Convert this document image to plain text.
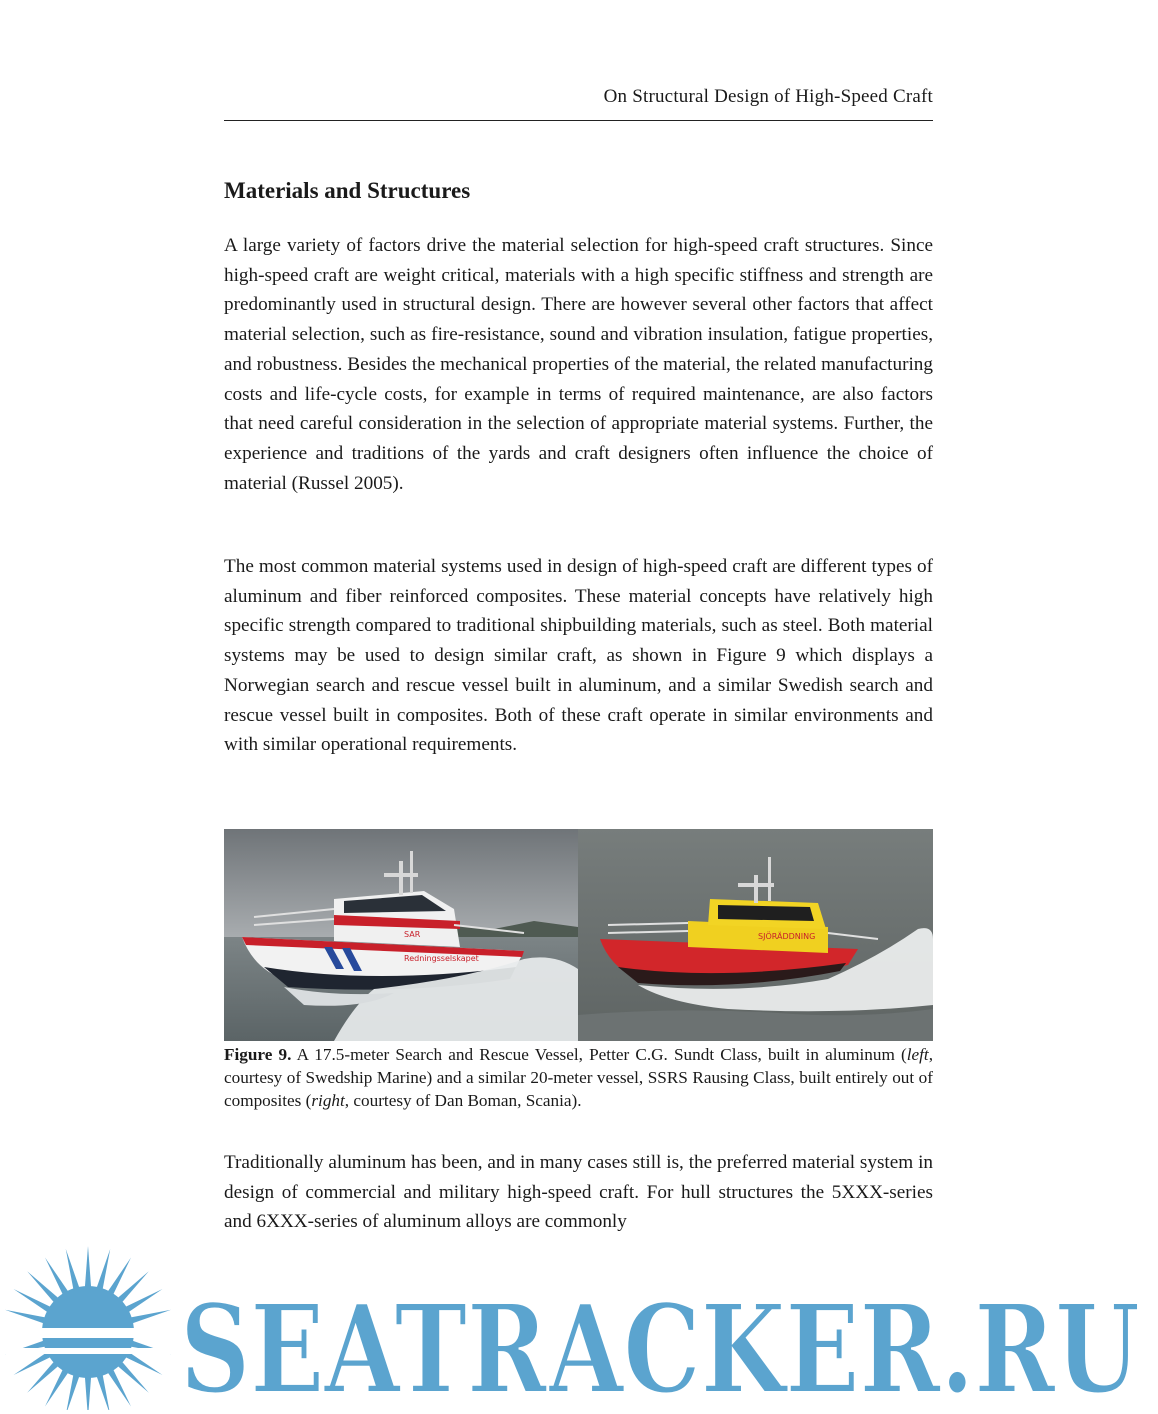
On Structural Design of High-Speed Craft
Materials and Structures

A large variety of factors drive the material selection for high-speed craft structures. Since high-speed craft are weight critical, materials with a high specific stiffness and strength are predominantly used in structural design. There are however several other factors that affect material selection, such as fire-resistance, sound and vibration insulation, fatigue properties, and robustness. Besides the mechanical properties of the material, the related manufacturing costs and life-cycle costs, for example in terms of required maintenance, are also factors that need careful consideration in the selection of appropriate material systems. Further, the experience and traditions of the yards and craft designers often influence the choice of material (Russel 2005).

The most common material systems used in design of high-speed craft are different types of aluminum and fiber reinforced composites. These material concepts have relatively high specific strength compared to traditional shipbuilding materials, such as steel. Both material systems may be used to design similar craft, as shown in Figure 9 which displays a Norwegian search and rescue vessel built in aluminum, and a similar Swedish search and rescue vessel built in composites. Both of these craft operate in similar environments and with similar operational requirements.

Redningsselskapet
SAR	SJÖRÄDDNING

Figure 9. A 17.5-meter Search and Rescue Vessel, Petter C.G. Sundt Class, built in aluminum (left, courtesy of Swedship Marine) and a similar 20-meter vessel, SSRS Rausing Class, built entirely out of composites (right, courtesy of Dan Boman, Scania).

Traditionally aluminum has been, and in many cases still is, the preferred material system in design of commercial and military high-speed craft. For hull structures the 5XXX-series and 6XXX-series of aluminum alloys are commonly

11
SEATRACKER.RU
